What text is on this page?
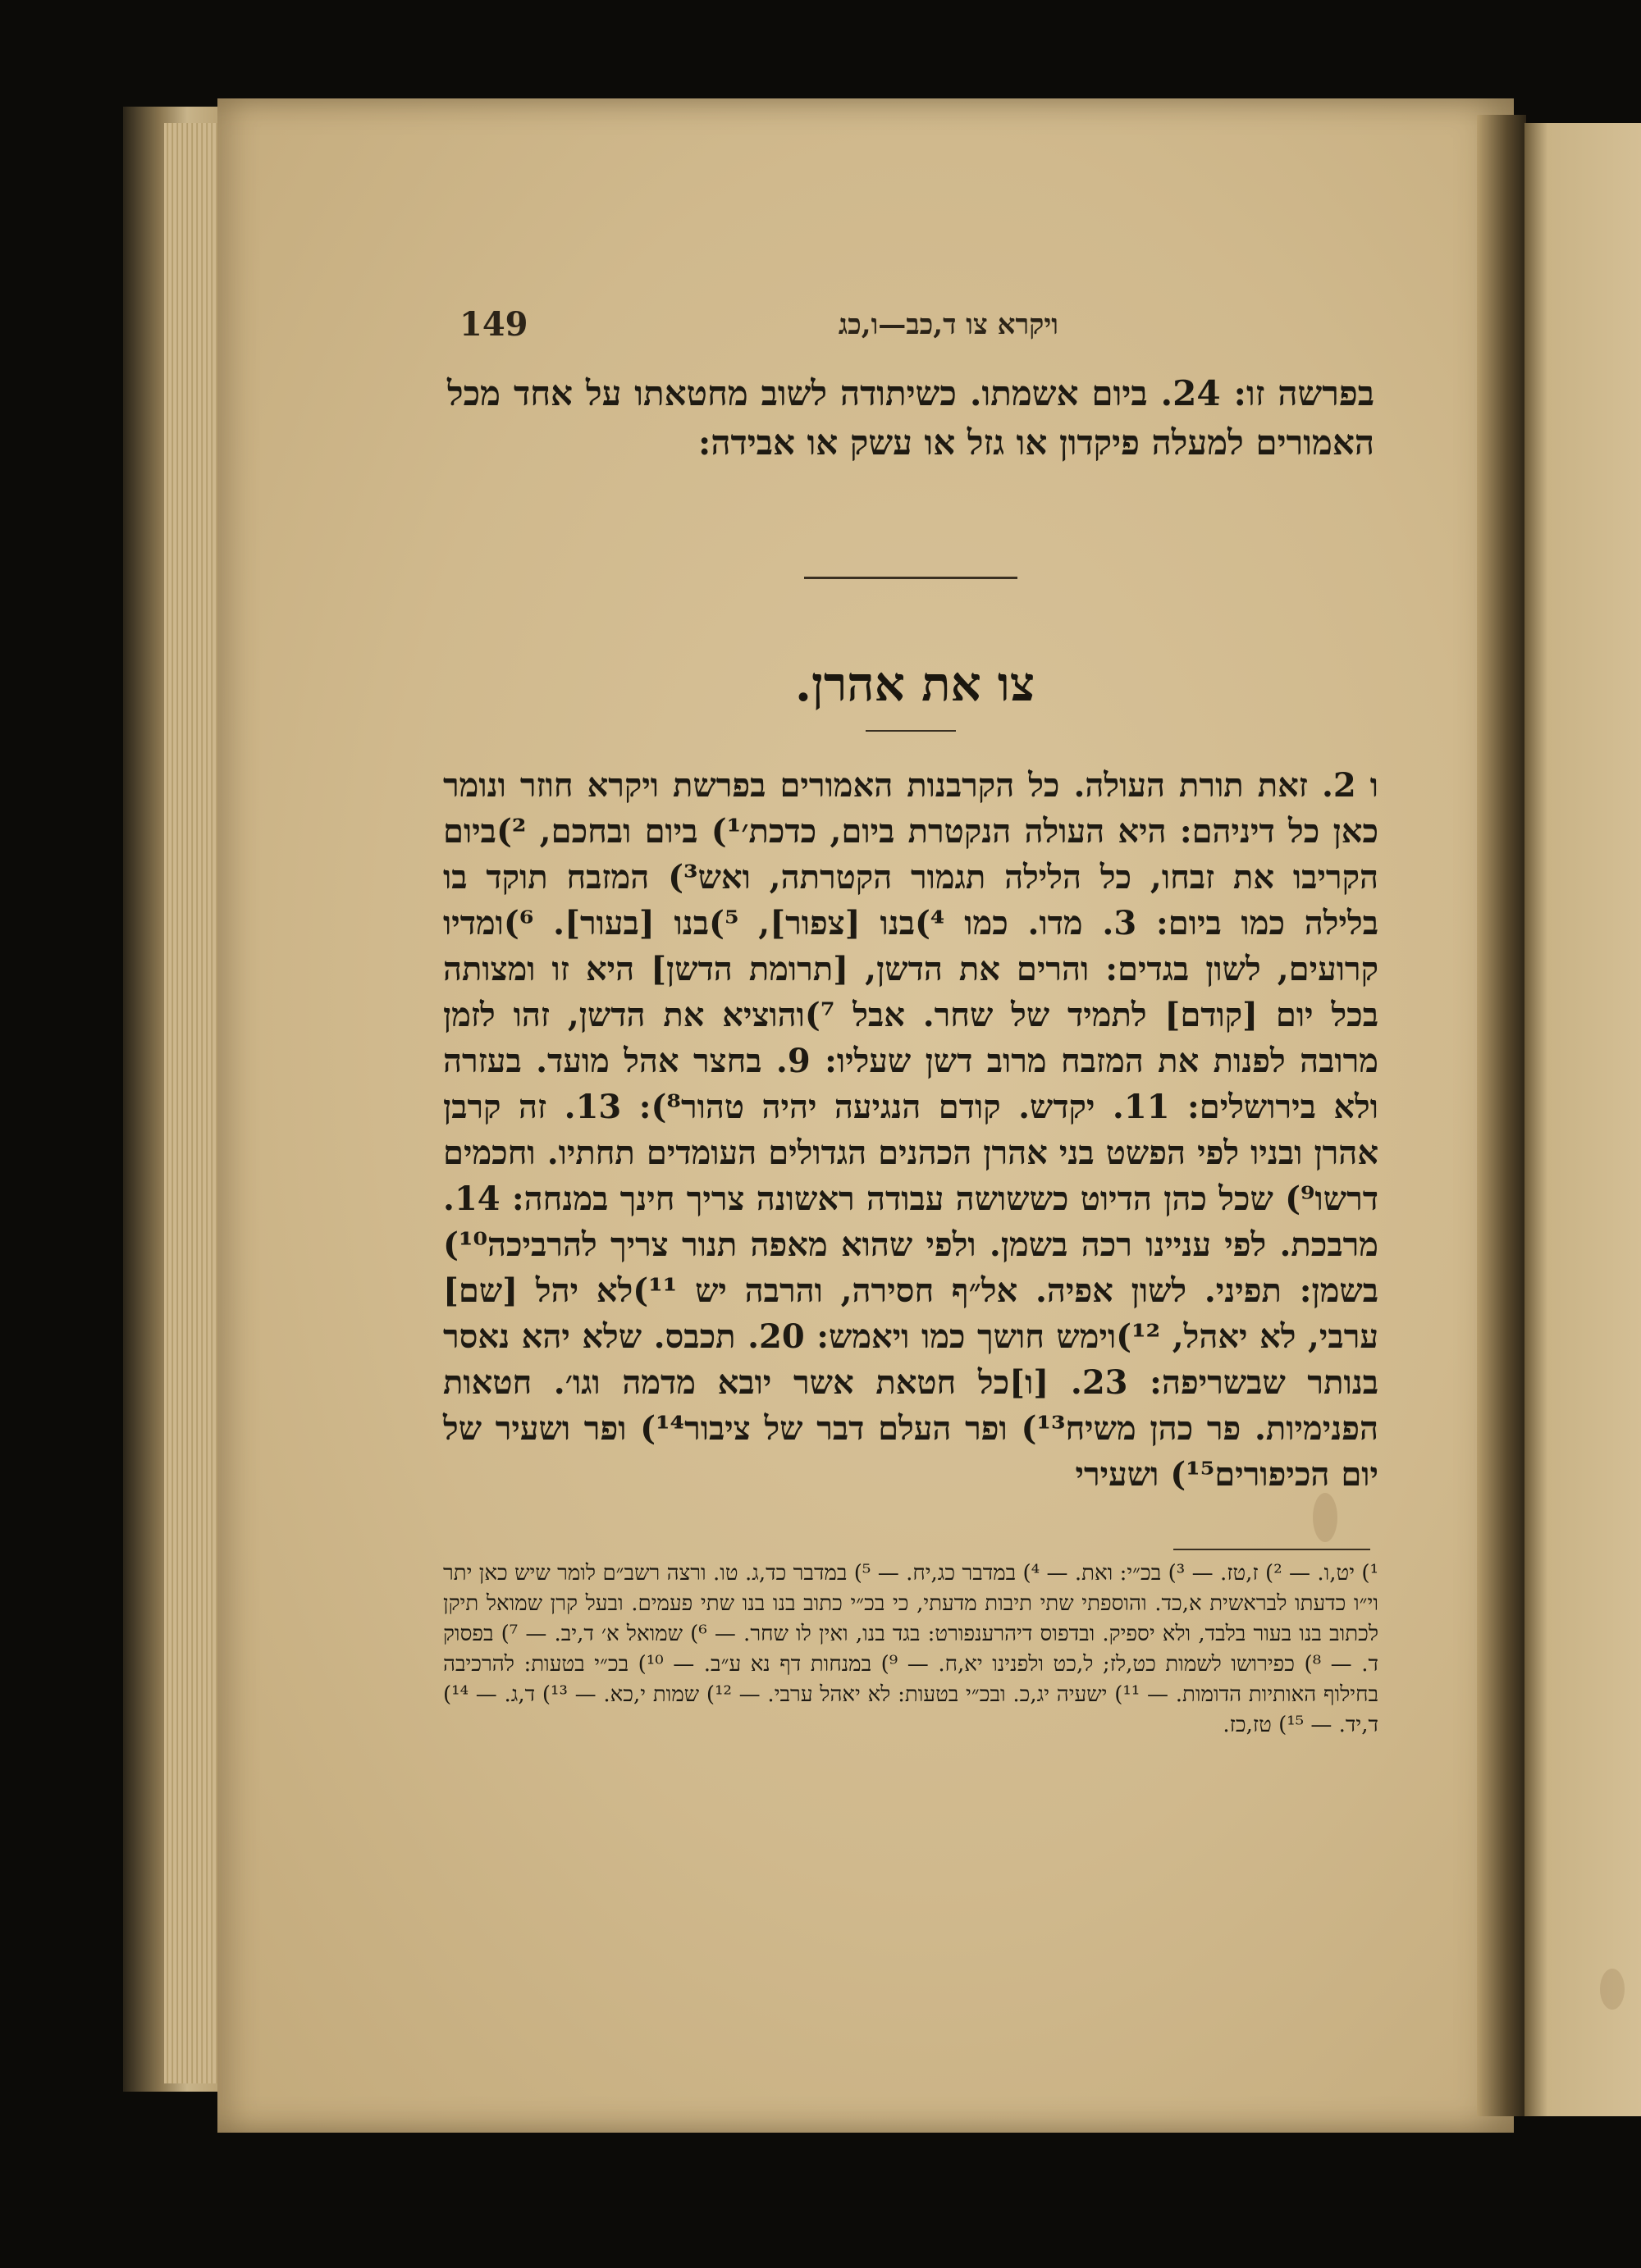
149	ויקרא צו ד,כב—ו,כג
בפרשה זו: 24. ביום אשמתו. כשיתודה לשוב מחטאתו על אחד מכל האמורים למעלה פיקדון או גזל או עשק או אבידה:
צו את אהרן.
ו 2. זאת תורת העולה. כל הקרבנות האמורים בפרשת ויקרא חוזר ונומר כאן כל דיניהם: היא העולה הנקטרת ביום, כדכת׳¹) ביום ובחכם, ²)ביום הקריבו את זבחו, כל הלילה תגמור הקטרתה, ואש³) המזבח תוקד בו בלילה כמו ביום: 3. מדו. כמו ⁴)בנו [צפור], ⁵)בנו [בעור]. ⁶)ומדיו קרועים, לשון בגדים: והרים את הדשן, [תרומת הדשן] היא זו ומצותה בכל יום [קודם] לתמיד של שחר. אבל ⁷)והוציא את הדשן, זהו לזמן מרובה לפנות את המזבח מרוב דשן שעליו: 9. בחצר אהל מועד. בעזרה ולא בירושלים: 11. יקדש. קודם הנגיעה יהיה טהור⁸): 13. זה קרבן אהרן ובניו לפי הפשט בני אהרן הכהנים הגדולים העומדים תחתיו. וחכמים דרשו⁹) שכל כהן הדיוט כששושה עבודה ראשונה צריך חינך במנחה: 14. מרבכת. לפי עניינו רכה בשמן. ולפי שהוא מאפה תנור צריך להרביכה¹⁰) בשמן: תפיני. לשון אפיה. אל״ף חסירה, והרבה יש ¹¹)לא יהל [שם] ערבי, לא יאהל, ¹²)וימש חושך כמו ויאמש: 20. תכבס. שלא יהא נאסר בנותר שבשריפה: 23. [ו]כל חטאת אשר יובא מדמה וגו׳. חטאות הפנימיות. פר כהן משיח¹³) ופר העלם דבר של ציבור¹⁴) ופר ושעיר של יום הכיפורים¹⁵) ושעירי
¹) יט,ו. — ²) ז,טז. — ³) בכ״י: ואת. — ⁴) במדבר כג,יח. — ⁵) במדבר כד,ג. טו. ורצה רשב״ם לומר שיש כאן יתר וי״ו כדעתו לבראשית א,כד. והוספתי שתי תיבות מדעתי, כי בכ״י כתוב בנו בנו שתי פעמים. ובעל קרן שמואל תיקן לכתוב בנו בעור בלבד, ולא יספיק. ובדפוס דיהרענפורט: בגד בנו, ואין לו שחר. — ⁶) שמואל א׳ ד,יב. — ⁷) בפסוק ד. — ⁸) כפירושו לשמות כט,לז; ל,כט ולפנינו יא,ח. — ⁹) במנחות דף נא ע״ב. — ¹⁰) בכ״י בטעות: להרכיבה בחילוף האותיות הדומות. — ¹¹) ישעיה יג,כ. ובכ״י בטעות: לא יאהל ערבי. — ¹²) שמות י,כא. — ¹³) ד,ג. — ¹⁴) ד,יד. — ¹⁵) טז,כז.
